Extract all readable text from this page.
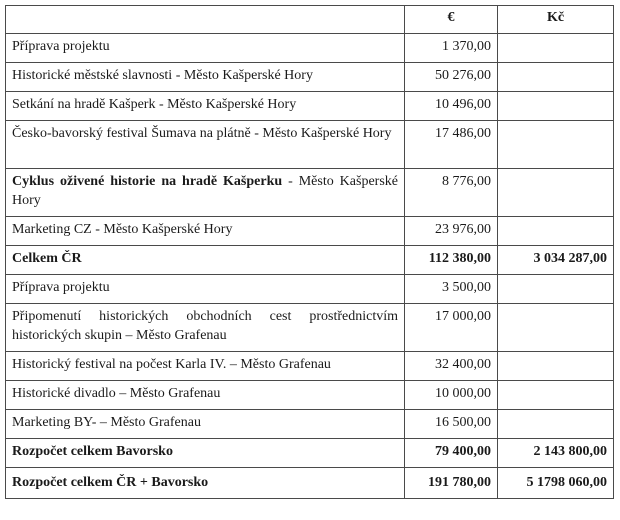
	€	Kč
Příprava projektu	1 370,00	
Historické městské slavnosti - Město Kašperské Hory	50 276,00	
Setkání na hradě Kašperk - Město Kašperské Hory	10 496,00	
Česko-bavorský festival Šumava na plátně - Město Kašperské Hory	17 486,00	
Cyklus oživené historie na hradě Kašperku - Město Kašperské Hory	8 776,00	
Marketing CZ - Město Kašperské Hory	23 976,00	
Celkem ČR	112 380,00	3 034 287,00
Příprava projektu	3 500,00	
Připomenutí historických obchodních cest prostřednictvím historických skupin – Město Grafenau	17 000,00	
Historický festival na počest Karla IV. – Město Grafenau	32 400,00	
Historické divadlo – Město Grafenau	10 000,00	
Marketing BY- – Město Grafenau	16 500,00	
Rozpočet celkem Bavorsko	79 400,00	2 143 800,00
Rozpočet celkem ČR + Bavorsko	191 780,00	5 1798 060,00
